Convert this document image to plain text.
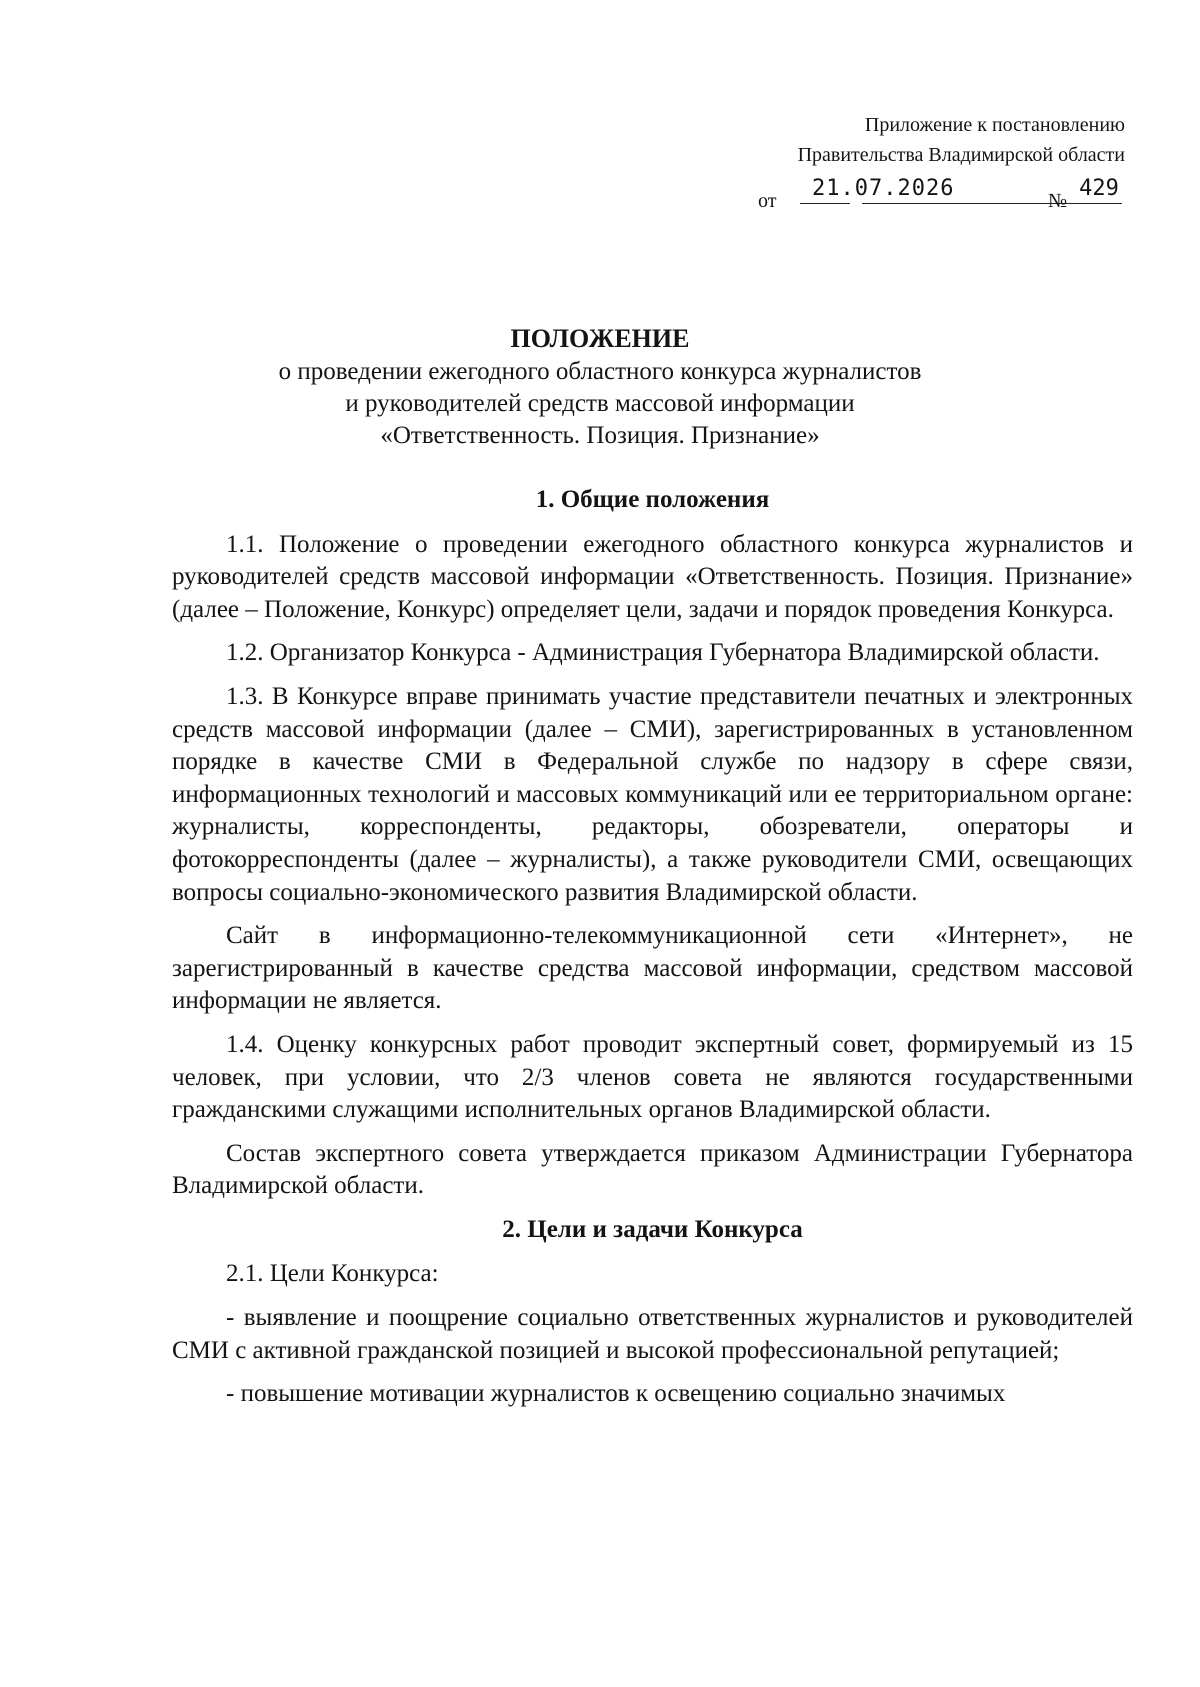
Приложение к постановлению
Правительства Владимирской области
от	21.07.2026	№ 429
ПОЛОЖЕНИЕ
о проведении ежегодного областного конкурса журналистов
и руководителей средств массовой информации
«Ответственность. Позиция. Признание»
1. Общие положения

1.1. Положение о проведении ежегодного областного конкурса журналистов и руководителей средств массовой информации «Ответственность. Позиция. Признание» (далее – Положение, Конкурс) определяет цели, задачи и порядок проведения Конкурса.

1.2. Организатор Конкурса - Администрация Губернатора Владимирской области.

1.3. В Конкурсе вправе принимать участие представители печатных и электронных средств массовой информации (далее – СМИ), зарегистрированных в установленном порядке в качестве СМИ в Федеральной службе по надзору в сфере связи, информационных технологий и массовых коммуникаций или ее территориальном органе: журналисты, корреспонденты, редакторы, обозреватели, операторы и фотокорреспонденты (далее – журналисты), а также руководители СМИ, освещающих вопросы социально-экономического развития Владимирской области.

Сайт в информационно-телекоммуникационной сети «Интернет», не зарегистрированный в качестве средства массовой информации, средством массовой информации не является.

1.4. Оценку конкурсных работ проводит экспертный совет, формируемый из 15 человек, при условии, что 2/3 членов совета не являются государственными гражданскими служащими исполнительных органов Владимирской области.

Состав экспертного совета утверждается приказом Администрации Губернатора Владимирской области.

2. Цели и задачи Конкурса

2.1. Цели Конкурса:

- выявление и поощрение социально ответственных журналистов и руководителей СМИ с активной гражданской позицией и высокой профессиональной репутацией;

- повышение мотивации журналистов к освещению социально значимых
